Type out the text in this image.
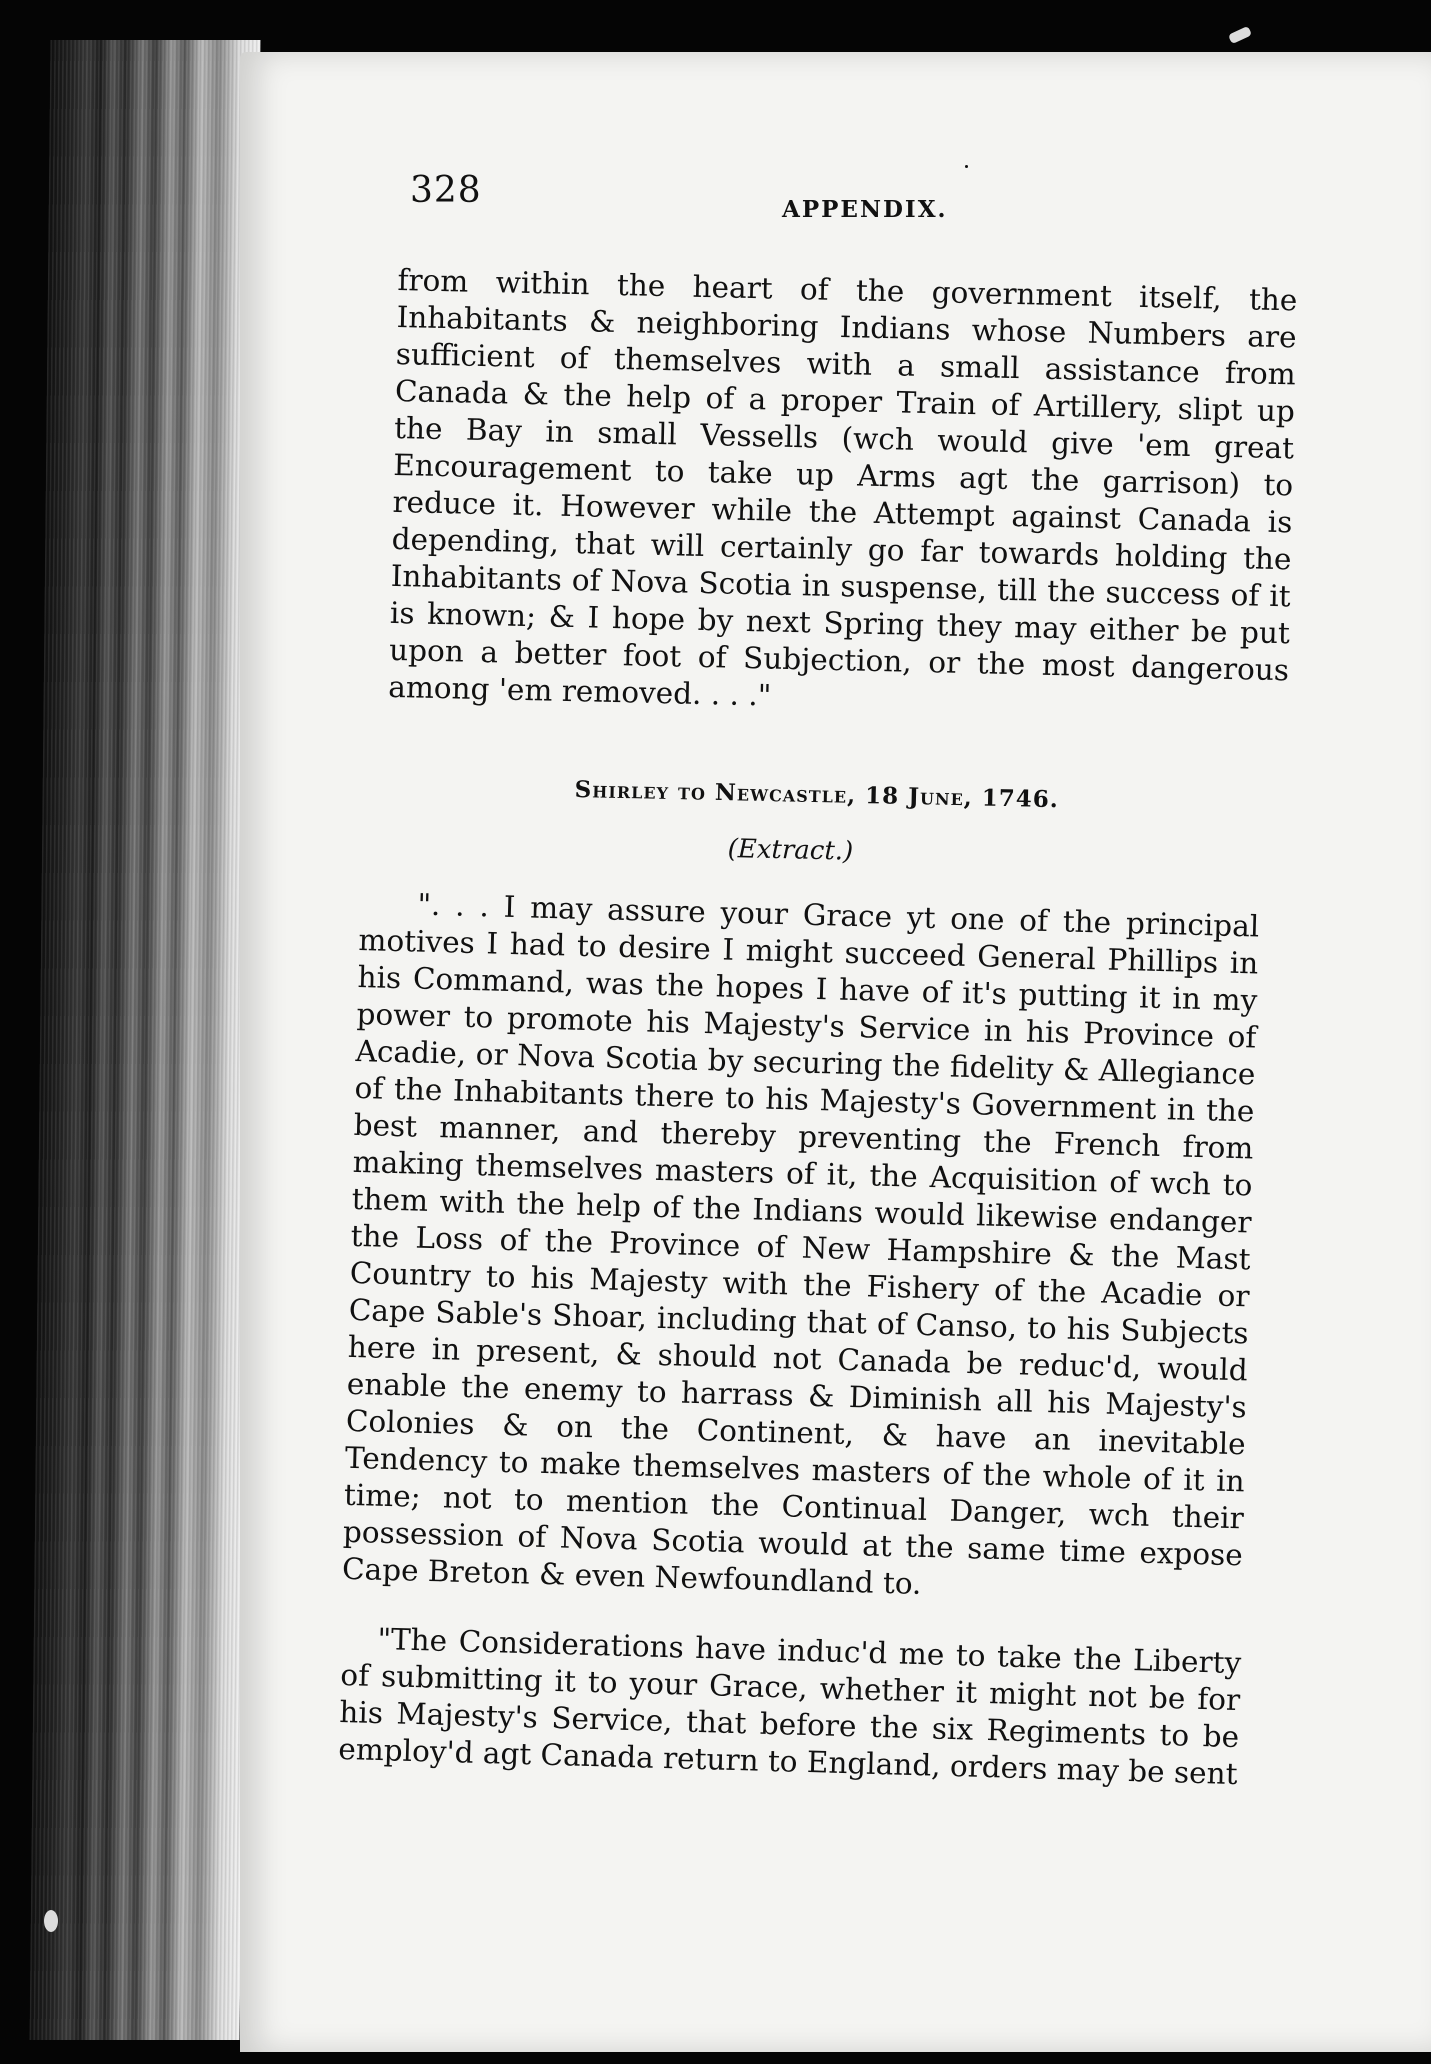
328	APPENDIX.
from within the heart of the government itself, the Inhabitants & neighboring Indians whose Numbers are sufficient of themselves with a small assistance from Canada & the help of a proper Train of Artillery, slipt up the Bay in small Vessells (wch would give 'em great Encouragement to take up Arms agt the garrison) to reduce it. However while the Attempt against Canada is depending, that will certainly go far towards holding the Inhabitants of Nova Scotia in suspense, till the success of it is known; & I hope by next Spring they may either be put upon a better foot of Subjection, or the most dangerous among 'em removed. . . ."
Shirley to Newcastle, 18 June, 1746.
(Extract.)
". . . I may assure your Grace yt one of the principal motives I had to desire I might succeed General Phillips in his Command, was the hopes I have of it's putting it in my power to promote his Majesty's Service in his Province of Acadie, or Nova Scotia by securing the fidelity & Allegiance of the Inhabitants there to his Majesty's Government in the best manner, and thereby preventing the French from making themselves masters of it, the Acquisition of wch to them with the help of the Indians would likewise endanger the Loss of the Province of New Hampshire & the Mast Country to his Majesty with the Fishery of the Acadie or Cape Sable's Shoar, including that of Canso, to his Subjects here in present, & should not Canada be reduc'd, would enable the enemy to harrass & Diminish all his Majesty's Colonies & on the Continent, & have an inevitable Tendency to make themselves masters of the whole of it in time; not to mention the Continual Danger, wch their possession of Nova Scotia would at the same time expose Cape Breton & even Newfoundland to.
"The Considerations have induc'd me to take the Liberty of submitting it to your Grace, whether it might not be for his Majesty's Service, that before the six Regiments to be employ'd agt Canada return to England, orders may be sent
